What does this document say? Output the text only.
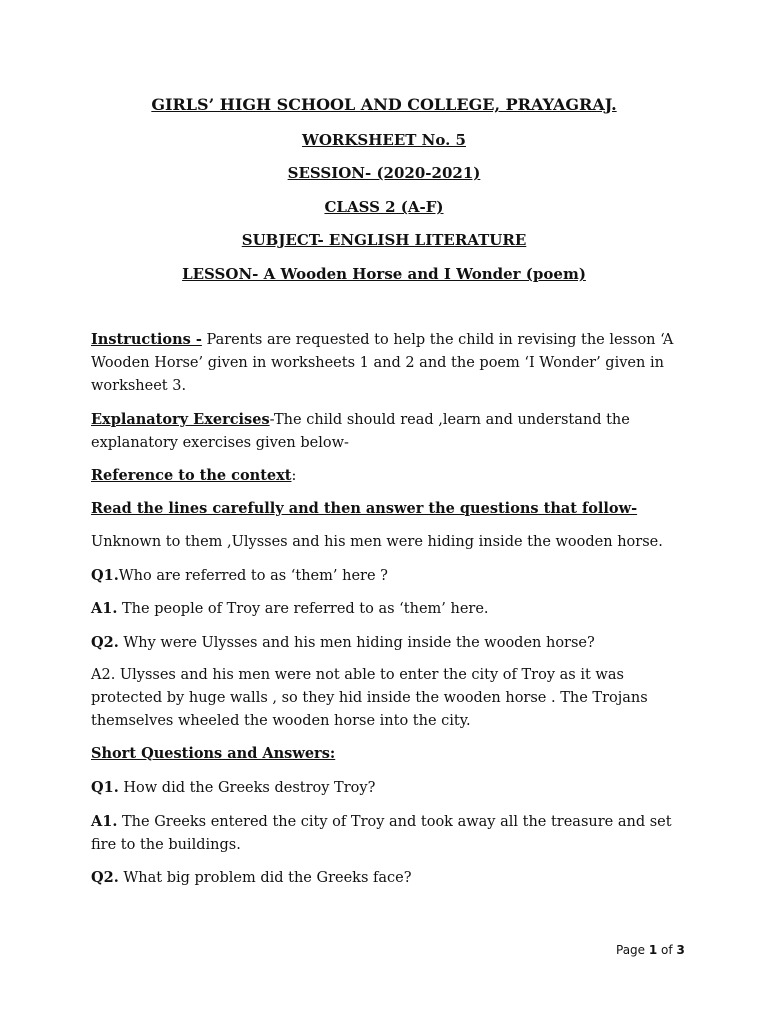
GIRLS’ HIGH SCHOOL AND COLLEGE, PRAYAGRAJ.
WORKSHEET No. 5
SESSION- (2020-2021)
CLASS 2 (A-F)
SUBJECT- ENGLISH LITERATURE
LESSON- A Wooden Horse and I Wonder (poem)
Instructions - Parents are requested to help the child in revising the lesson ‘A Wooden Horse’ given in worksheets 1 and 2 and the poem ‘I Wonder’ given in worksheet 3.
Explanatory Exercises-The child should read ,learn and understand the explanatory exercises given below-
Reference to the context:
Read the lines carefully and then answer the questions that follow-
Unknown to them ,Ulysses and his men were hiding inside the wooden horse.
Q1.Who are referred to as ‘them’ here ?
A1. The people of Troy are referred to as ‘them’ here.
Q2. Why were Ulysses and his men hiding inside the wooden horse?
A2. Ulysses and his men were not able to enter the city of Troy as it was protected by huge walls , so they hid inside the wooden horse . The Trojans themselves wheeled the wooden horse into the city.
Short Questions and Answers:
Q1. How did the Greeks destroy Troy?
A1. The Greeks entered the city of Troy and took away all the treasure and set fire to the buildings.
Q2. What big problem did the Greeks face?
Page 1 of 3
